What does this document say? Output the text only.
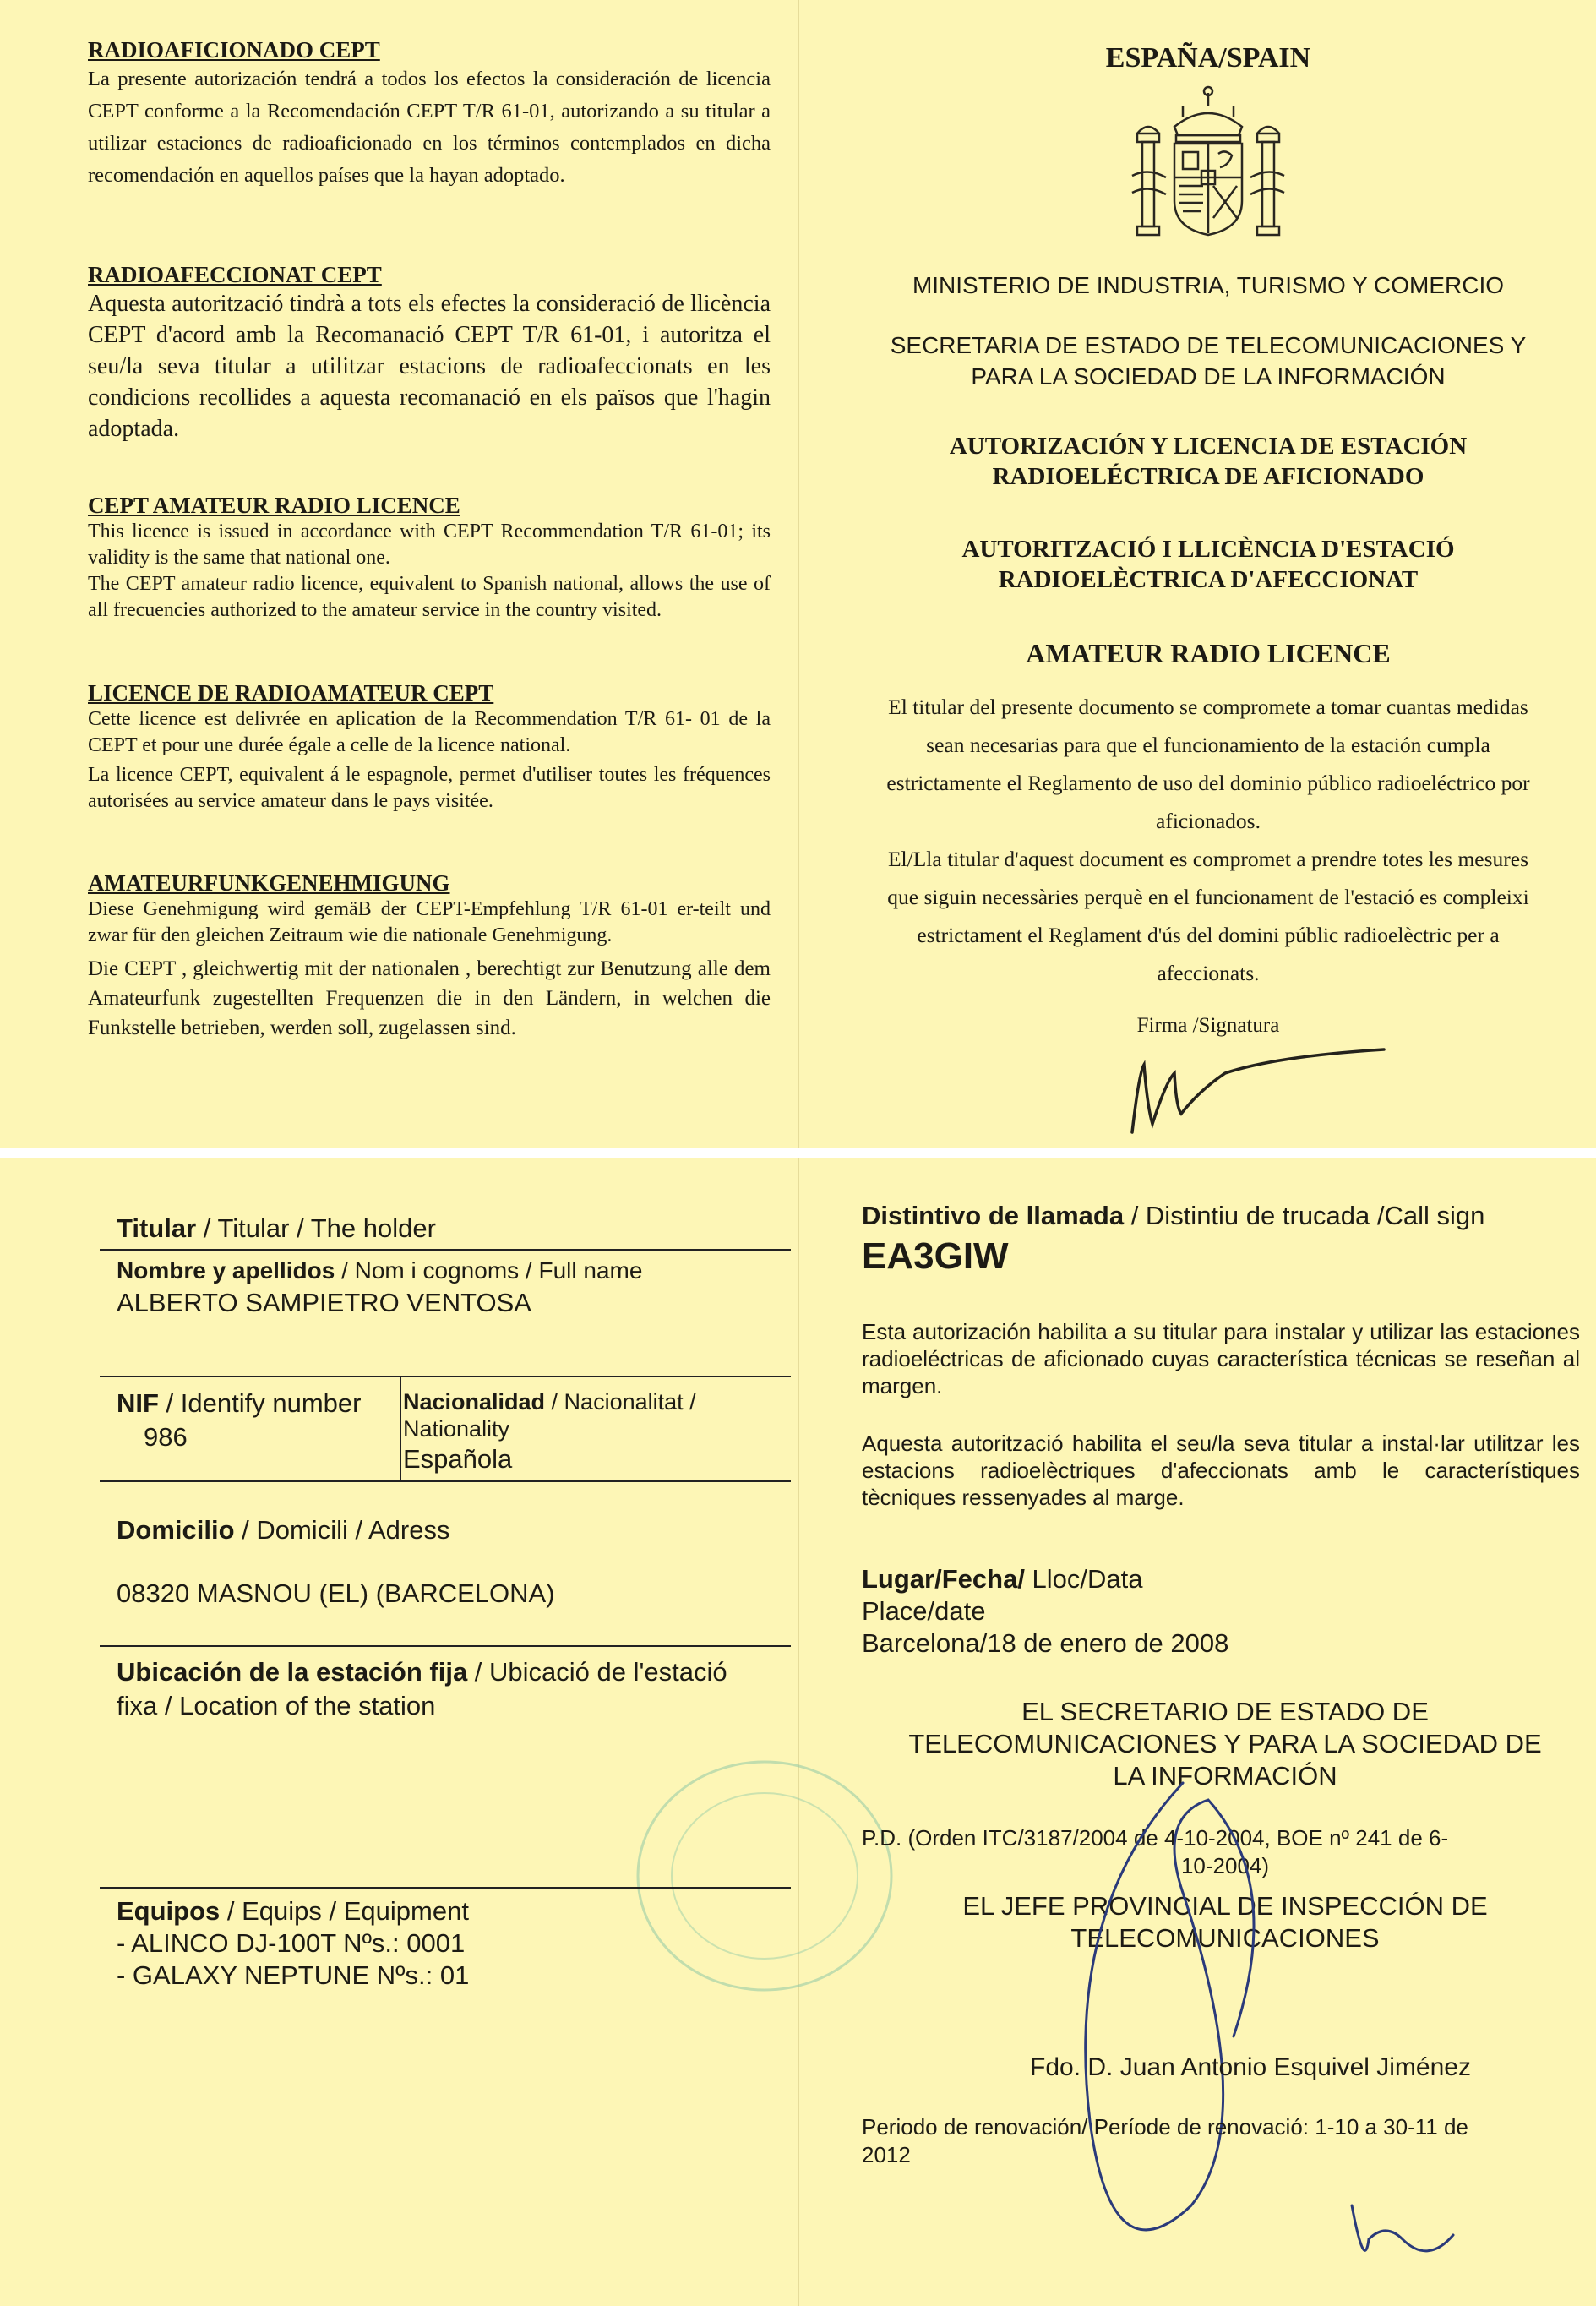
RADIOAFICIONADO CEPT
La presente autorización tendrá a todos los efectos la consideración de licencia CEPT conforme a la Recomendación CEPT T/R 61-01, autorizando a su titular a utilizar estaciones de radioaficionado en los términos contemplados en dicha recomendación en aquellos países que la hayan adoptado.
RADIOAFECCIONAT CEPT
Aquesta autorització tindrà a tots els efectes la consideració de llicència CEPT d'acord amb la Recomanació CEPT T/R 61-01, i autoritza el seu/la seva titular a utilitzar estacions de radioafeccionats en les condicions recollides a aquesta recomanació en els països que l'hagin adoptada.
CEPT AMATEUR RADIO LICENCE
This licence is issued in accordance with CEPT Recommendation T/R 61-01; its validity is the same that national one.
The CEPT amateur radio licence, equivalent to Spanish national, allows the use of all frecuencies authorized to the amateur service in the country visited.
LICENCE DE RADIOAMATEUR CEPT
Cette licence est delivrée en aplication de la Recommendation T/R 61- 01 de la CEPT et pour une durée égale a celle de la licence national.
La licence CEPT, equivalent á le espagnole, permet d'utiliser toutes les fréquences autorisées au service amateur dans le pays visitée.
AMATEURFUNKGENEHMIGUNG
Diese Genehmigung wird gemäB der CEPT-Empfehlung T/R 61-01 er-teilt und zwar für den gleichen Zeitraum wie die nationale Genehmigung.
Die CEPT , gleichwertig mit der nationalen , berechtigt zur Benutzung alle dem Amateurfunk zugestellten Frequenzen die in den Ländern, in welchen die Funkstelle betrieben, werden soll, zugelassen sind.
ESPAÑA/SPAIN
MINISTERIO DE INDUSTRIA, TURISMO Y COMERCIO
SECRETARIA DE ESTADO DE TELECOMUNICACIONES Y
PARA LA SOCIEDAD DE LA INFORMACIÓN
AUTORIZACIÓN Y LICENCIA DE ESTACIÓN
RADIOELÉCTRICA DE AFICIONADO
AUTORITZACIÓ I LLICÈNCIA D'ESTACIÓ
RADIOELÈCTRICA D'AFECCIONAT
AMATEUR RADIO LICENCE
El titular del presente documento se compromete a tomar cuantas medidas sean necesarias para que el funcionamiento de la estación cumpla estrictamente el Reglamento de uso del dominio público radioeléctrico por aficionados.
El/Lla titular d'aquest document es compromet a prendre totes les mesures que siguin necessàries perquè en el funcionament de l'estació es compleixi estrictament el Reglament d'ús del domini públic radioelèctric per a afeccionats.
Firma /Signatura
Titular / Titular / The holder
Nombre y apellidos / Nom i cognoms / Full name
ALBERTO SAMPIETRO VENTOSA
NIF / Identify number
986
Nacionalidad / Nacionalitat /
Nationality
Española
Domicilio / Domicili / Adress
08320 MASNOU (EL) (BARCELONA)
Ubicación de la estación fija / Ubicació de l'estació
fixa / Location of the station
Equipos / Equips / Equipment
- ALINCO DJ-100T Nºs.: 0001
- GALAXY NEPTUNE Nºs.: 01
Distintivo de llamada / Distintiu de trucada /Call sign
EA3GIW
Esta autorización habilita a su titular para instalar y utilizar las estaciones radioeléctricas de aficionado cuyas característica técnicas se reseñan al margen.
Aquesta autorització habilita el seu/la seva titular a instal·lar utilitzar les estacions radioelèctriques d'afeccionats amb le característiques tècniques ressenyades al marge.
Lugar/Fecha/ Lloc/Data
Place/date
Barcelona/18 de enero de 2008
EL SECRETARIO DE ESTADO DE
TELECOMUNICACIONES Y PARA LA SOCIEDAD DE
LA INFORMACIÓN
P.D. (Orden ITC/3187/2004 de 4-10-2004, BOE nº 241 de 6-
10-2004)
EL JEFE PROVINCIAL DE INSPECCIÓN DE
TELECOMUNICACIONES
Fdo. D. Juan Antonio Esquivel Jiménez
Periodo de renovación/ Període de renovació: 1-10 a 30-11 de
2012
